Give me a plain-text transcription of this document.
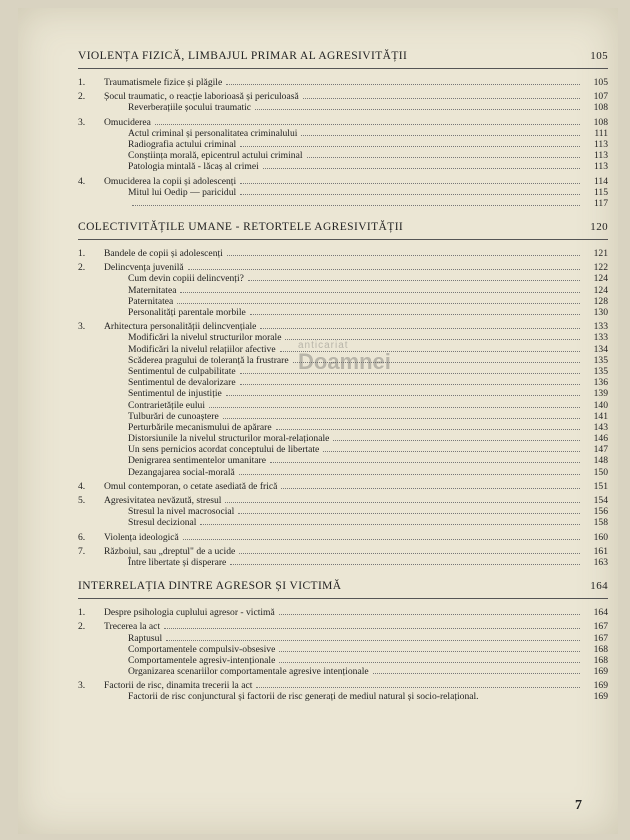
VIOLENȚA FIZICĂ, LIMBAJUL PRIMAR AL AGRESIVITĂȚII	105
1.	Traumatismele fizice și plăgile	105
2.	Șocul traumatic, o reacție laborioasă și periculoasă	107
Reverberațiile șocului traumatic	108
3.	Omuciderea	108
Actul criminal și personalitatea criminalului	111
Radiografia actului criminal	113
Conștiința morală, epicentrul actului criminal	113
Patologia mintală - lăcaș al crimei	113
4.	Omuciderea la copii și adolescenți	114
Mitul lui Oedip — paricidul	115
117
COLECTIVITĂȚILE UMANE - RETORTELE AGRESIVITĂȚII	120
1.	Bandele de copii și adolescenți	121
2.	Delincvența juvenilă	122
Cum devin copiii delincvenți?	124
Maternitatea	124
Paternitatea	128
Personalități parentale morbile	130
3.	Arhitectura personalității delincvențiale	133
Modificări la nivelul structurilor morale	133
Modificări la nivelul relațiilor afective	134
Scăderea pragului de toleranță la frustrare	135
Sentimentul de culpabilitate	135
Sentimentul de devalorizare	136
Sentimentul de injustiție	139
Contrarietățile eului	140
Tulburări de cunoaștere	141
Perturbările mecanismului de apărare	143
Distorsiunile la nivelul structurilor moral-relaționale	146
Un sens pernicios acordat conceptului de libertate	147
Denigrarea sentimentelor umanitare	148
Dezangajarea social-morală	150
4.	Omul contemporan, o cetate asediată de frică	151
5.	Agresivitatea nevăzută, stresul	154
Stresul la nivel macrosocial	156
Stresul decizional	158
6.	Violența ideologică	160
7.	Războiul, sau „dreptul" de a ucide	161
Între libertate și disperare	163
INTERRELAȚIA DINTRE AGRESOR ȘI VICTIMĂ	164
1.	Despre psihologia cuplului agresor - victimă	164
2.	Trecerea la act	167
Raptusul	167
Comportamentele compulsiv-obsesive	168
Comportamentele agresiv-intenționale	168
Organizarea scenariilor comportamentale agresive intenționale	169
3.	Factorii de risc, dinamita trecerii la act	169
Factorii de risc conjunctural și factorii de risc generați de mediul natural și socio-relațional.	169
anticariat
Doamnei
7
